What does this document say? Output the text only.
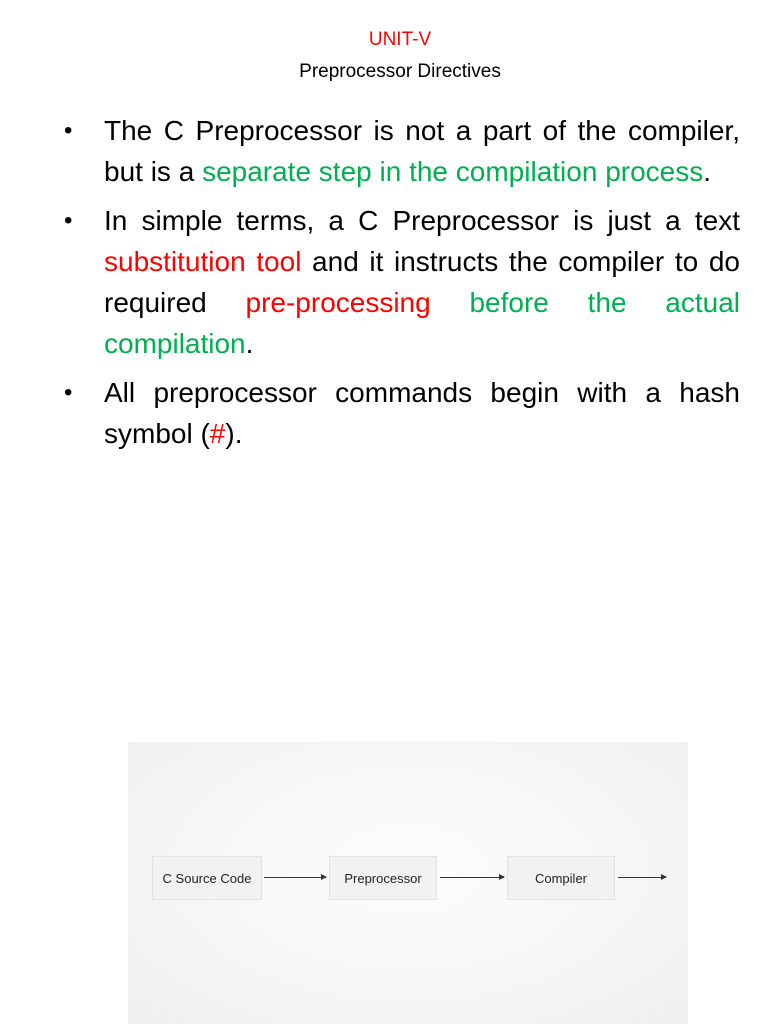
UNIT-V
Preprocessor Directives
• The C Preprocessor is not a part of the compiler, but is a separate step in the compilation process.
• In simple terms, a C Preprocessor is just a text substitution tool and it instructs the compiler to do required pre-processing before the actual compilation.
• All preprocessor commands begin with a hash symbol (#).
C Source Code	Preprocessor	Compiler
